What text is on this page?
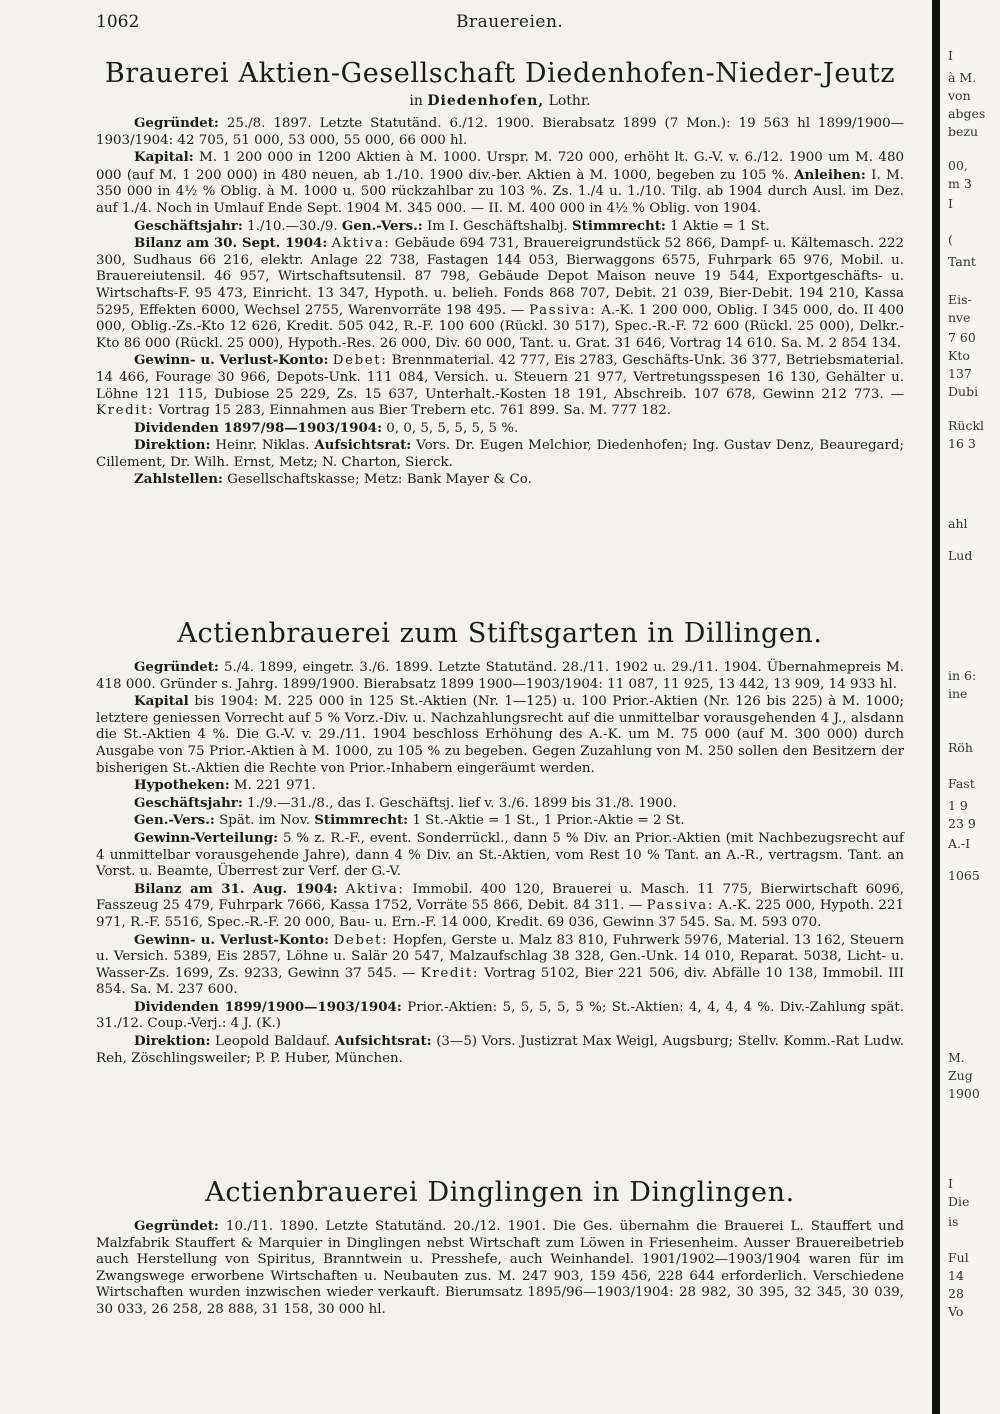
1062	Brauereien.
Brauerei Aktien-Gesellschaft Diedenhofen-Nieder-Jeutz
in Diedenhofen, Lothr.

Gegründet: 25./8. 1897. Letzte Statutänd. 6./12. 1900. Bierabsatz 1899 (7 Mon.): 19 563 hl 1899/1900—1903/1904: 42 705, 51 000, 53 000, 55 000, 66 000 hl.

Kapital: M. 1 200 000 in 1200 Aktien à M. 1000. Urspr. M. 720 000, erhöht lt. G.-V. v. 6./12. 1900 um M. 480 000 (auf M. 1 200 000) in 480 neuen, ab 1./10. 1900 div.-ber. Aktien à M. 1000, begeben zu 105 %. Anleihen: I. M. 350 000 in 4½ % Oblig. à M. 1000 u. 500 rückzahlbar zu 103 %. Zs. 1./4 u. 1./10. Tilg. ab 1904 durch Ausl. im Dez. auf 1./4. Noch in Umlauf Ende Sept. 1904 M. 345 000. — II. M. 400 000 in 4½ % Oblig. von 1904.

Geschäftsjahr: 1./10.—30./9. Gen.-Vers.: Im I. Geschäftshalbj. Stimmrecht: 1 Aktie = 1 St.

Bilanz am 30. Sept. 1904: Aktiva: Gebäude 694 731, Brauereigrundstück 52 866, Dampf- u. Kältemasch. 222 300, Sudhaus 66 216, elektr. Anlage 22 738, Fastagen 144 053, Bierwaggons 6575, Fuhrpark 65 976, Mobil. u. Brauereiutensil. 46 957, Wirtschaftsutensil. 87 798, Gebäude Depot Maison neuve 19 544, Exportgeschäfts- u. Wirtschafts-F. 95 473, Einricht. 13 347, Hypoth. u. belieh. Fonds 868 707, Debit. 21 039, Bier-Debit. 194 210, Kassa 5295, Effekten 6000, Wechsel 2755, Warenvorräte 198 495. — Passiva: A.-K. 1 200 000, Oblig. I 345 000, do. II 400 000, Oblig.-Zs.-Kto 12 626, Kredit. 505 042, R.-F. 100 600 (Rückl. 30 517), Spec.-R.-F. 72 600 (Rückl. 25 000), Delkr.-Kto 86 000 (Rückl. 25 000), Hypoth.-Res. 26 000, Div. 60 000, Tant. u. Grat. 31 646, Vortrag 14 610. Sa. M. 2 854 134.

Gewinn- u. Verlust-Konto: Debet: Brennmaterial. 42 777, Eis 2783, Geschäfts-Unk. 36 377, Betriebsmaterial. 14 466, Fourage 30 966, Depots-Unk. 111 084, Versich. u. Steuern 21 977, Vertretungsspesen 16 130, Gehälter u. Löhne 121 115, Dubiose 25 229, Zs. 15 637, Unterhalt.-Kosten 18 191, Abschreib. 107 678, Gewinn 212 773. — Kredit: Vortrag 15 283, Einnahmen aus Bier Trebern etc. 761 899. Sa. M. 777 182.

Dividenden 1897/98—1903/1904: 0, 0, 5, 5, 5, 5, 5 %.

Direktion: Heinr. Niklas. Aufsichtsrat: Vors. Dr. Eugen Melchior, Diedenhofen; Ing. Gustav Denz, Beauregard; Cillement, Dr. Wilh. Ernst, Metz; N. Charton, Sierck.

Zahlstellen: Gesellschaftskasse; Metz: Bank Mayer & Co.

Actienbrauerei zum Stiftsgarten in Dillingen.

Gegründet: 5./4. 1899, eingetr. 3./6. 1899. Letzte Statutänd. 28./11. 1902 u. 29./11. 1904. Übernahmepreis M. 418 000. Gründer s. Jahrg. 1899/1900. Bierabsatz 1899 1900—1903/1904: 11 087, 11 925, 13 442, 13 909, 14 933 hl.

Kapital bis 1904: M. 225 000 in 125 St.-Aktien (Nr. 1—125) u. 100 Prior.-Aktien (Nr. 126 bis 225) à M. 1000; letztere geniessen Vorrecht auf 5 % Vorz.-Div. u. Nachzahlungsrecht auf die unmittelbar vorausgehenden 4 J., alsdann die St.-Aktien 4 %. Die G.-V. v. 29./11. 1904 beschloss Erhöhung des A.-K. um M. 75 000 (auf M. 300 000) durch Ausgabe von 75 Prior.-Aktien à M. 1000, zu 105 % zu begeben. Gegen Zuzahlung von M. 250 sollen den Besitzern der bisherigen St.-Aktien die Rechte von Prior.-Inhabern eingeräumt werden.

Hypotheken: M. 221 971.

Geschäftsjahr: 1./9.—31./8., das I. Geschäftsj. lief v. 3./6. 1899 bis 31./8. 1900.

Gen.-Vers.: Spät. im Nov. Stimmrecht: 1 St.-Aktie = 1 St., 1 Prior.-Aktie = 2 St.

Gewinn-Verteilung: 5 % z. R.-F., event. Sonderrückl., dann 5 % Div. an Prior.-Aktien (mit Nachbezugsrecht auf 4 unmittelbar vorausgehende Jahre), dann 4 % Div. an St.-Aktien, vom Rest 10 % Tant. an A.-R., vertragsm. Tant. an Vorst. u. Beamte, Überrest zur Verf. der G.-V.

Bilanz am 31. Aug. 1904: Aktiva: Immobil. 400 120, Brauerei u. Masch. 11 775, Bierwirtschaft 6096, Fasszeug 25 479, Fuhrpark 7666, Kassa 1752, Vorräte 55 866, Debit. 84 311. — Passiva: A.-K. 225 000, Hypoth. 221 971, R.-F. 5516, Spec.-R.-F. 20 000, Bau- u. Ern.-F. 14 000, Kredit. 69 036, Gewinn 37 545. Sa. M. 593 070.

Gewinn- u. Verlust-Konto: Debet: Hopfen, Gerste u. Malz 83 810, Fuhrwerk 5976, Material. 13 162, Steuern u. Versich. 5389, Eis 2857, Löhne u. Salär 20 547, Malzaufschlag 38 328, Gen.-Unk. 14 010, Reparat. 5038, Licht- u. Wasser-Zs. 1699, Zs. 9233, Gewinn 37 545. — Kredit: Vortrag 5102, Bier 221 506, div. Abfälle 10 138, Immobil. III 854. Sa. M. 237 600.

Dividenden 1899/1900—1903/1904: Prior.-Aktien: 5, 5, 5, 5, 5 %; St.-Aktien: 4, 4, 4, 4 %. Div.-Zahlung spät. 31./12. Coup.-Verj.: 4 J. (K.)

Direktion: Leopold Baldauf. Aufsichtsrat: (3—5) Vors. Justizrat Max Weigl, Augsburg; Stellv. Komm.-Rat Ludw. Reh, Zöschlingsweiler; P. P. Huber, München.

Actienbrauerei Dinglingen in Dinglingen.

Gegründet: 10./11. 1890. Letzte Statutänd. 20./12. 1901. Die Ges. übernahm die Brauerei L. Stauffert und Malzfabrik Stauffert & Marquier in Dinglingen nebst Wirtschaft zum Löwen in Friesenheim. Ausser Brauereibetrieb auch Herstellung von Spiritus, Branntwein u. Presshefe, auch Weinhandel. 1901/1902—1903/1904 waren für im Zwangswege erworbene Wirtschaften u. Neubauten zus. M. 247 903, 159 456, 228 644 erforderlich. Verschiedene Wirtschaften wurden inzwischen wieder verkauft. Bierumsatz 1895/96—1903/1904: 28 982, 30 395, 32 345, 30 039, 30 033, 26 258, 28 888, 31 158, 30 000 hl.

I
à M.
von
abges
bezu
00,
m 3
I
(
Tant
Eis-
nve
7 60
Kto
137
Dubi
Rückl
16 3
ahl
Lud
in 6:
ine
Röh
Fast
1 9
23 9
A.-I
1065
M.
Zug
1900
I
Die
is
Ful
14
28
Vo
